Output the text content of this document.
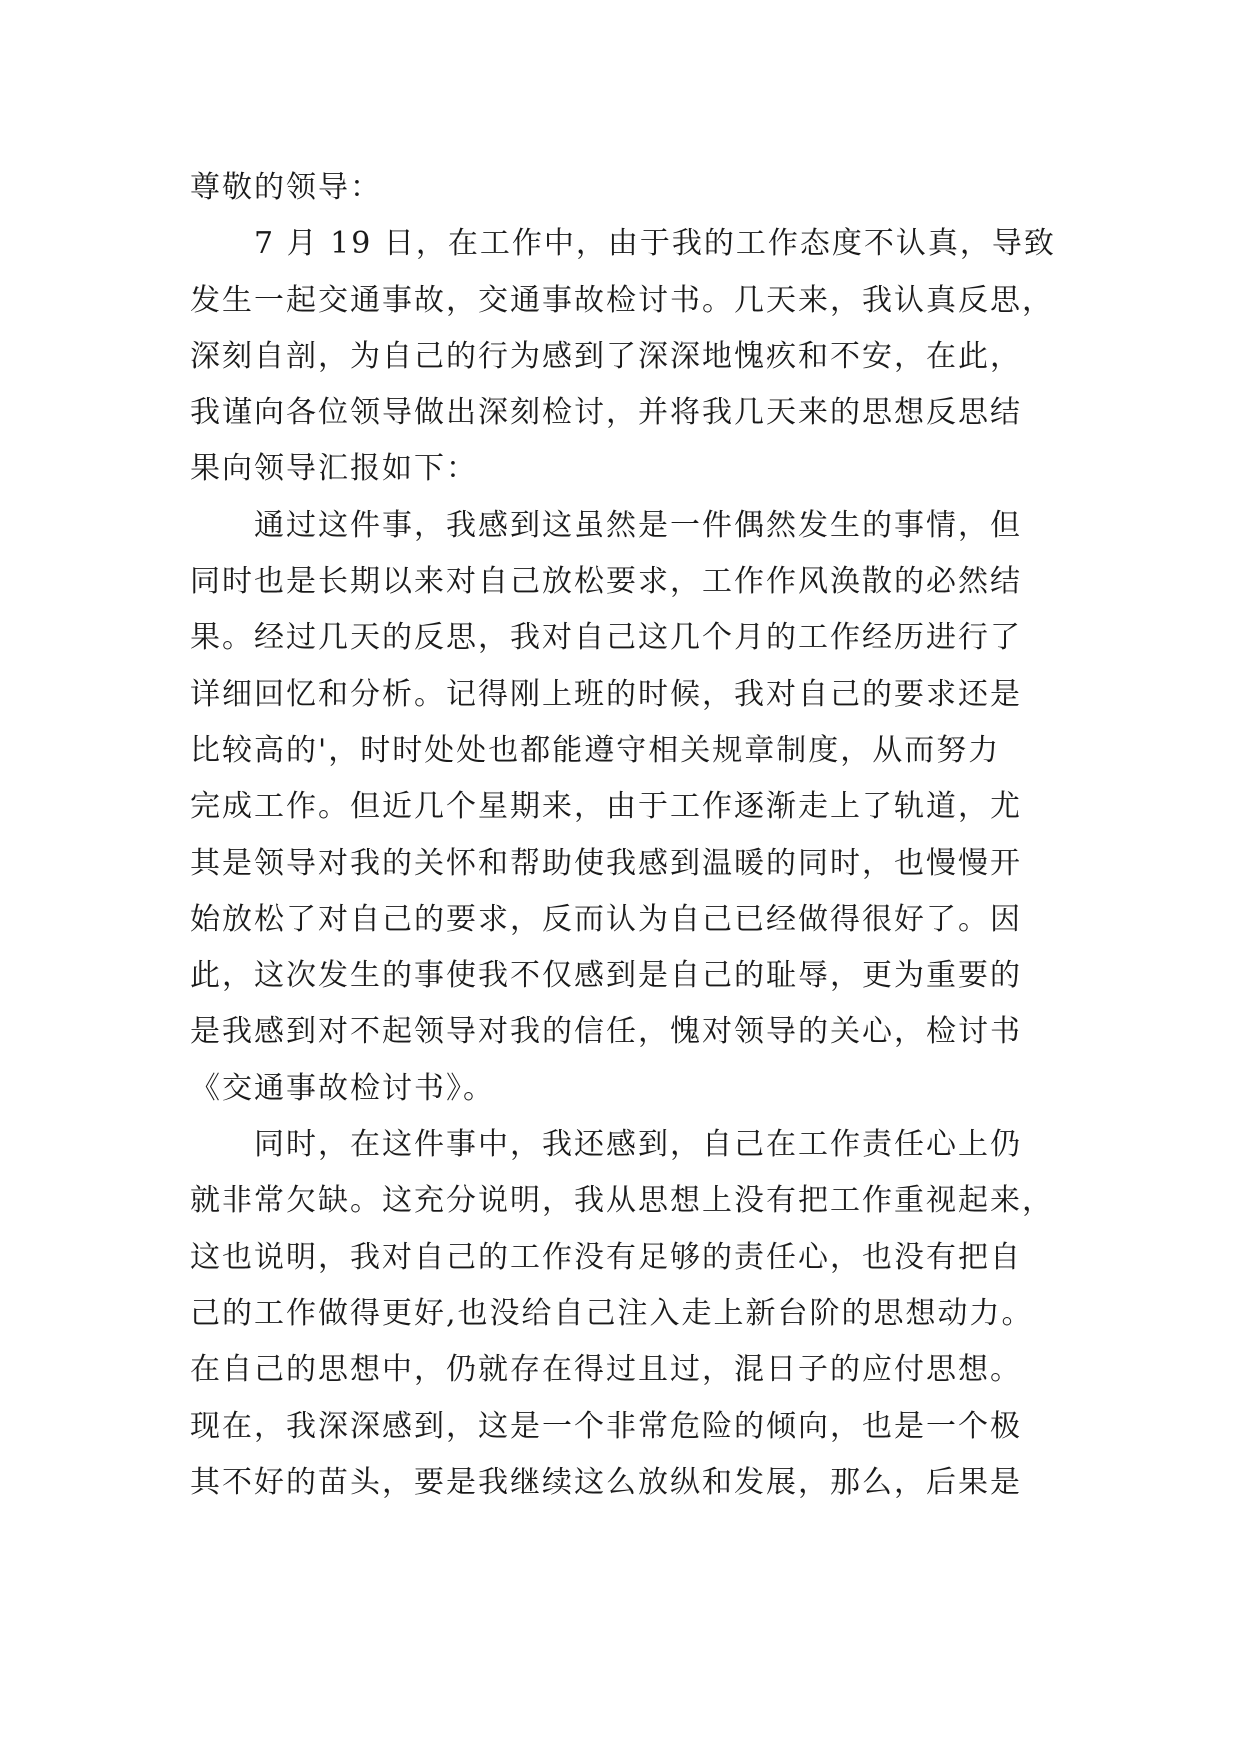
尊敬的领导：
7 月 19 日，在工作中，由于我的工作态度不认真，导致
发生一起交通事故，交通事故检讨书。几天来，我认真反思，
深刻自剖，为自己的行为感到了深深地愧疚和不安，在此，
我谨向各位领导做出深刻检讨，并将我几天来的思想反思结
果向领导汇报如下：
通过这件事，我感到这虽然是一件偶然发生的事情，但
同时也是长期以来对自己放松要求，工作作风涣散的必然结
果。经过几天的反思，我对自己这几个月的工作经历进行了
详细回忆和分析。记得刚上班的时候，我对自己的要求还是
比较高的'，时时处处也都能遵守相关规章制度，从而努力
完成工作。但近几个星期来，由于工作逐渐走上了轨道，尤
其是领导对我的关怀和帮助使我感到温暖的同时，也慢慢开
始放松了对自己的要求，反而认为自己已经做得很好了。因
此，这次发生的事使我不仅感到是自己的耻辱，更为重要的
是我感到对不起领导对我的信任，愧对领导的关心，检讨书
《交通事故检讨书》。
同时，在这件事中，我还感到，自己在工作责任心上仍
就非常欠缺。这充分说明，我从思想上没有把工作重视起来，
这也说明，我对自己的工作没有足够的责任心，也没有把自
己的工作做得更好,也没给自己注入走上新台阶的思想动力。
在自己的思想中，仍就存在得过且过，混日子的应付思想。
现在，我深深感到，这是一个非常危险的倾向，也是一个极
其不好的苗头，要是我继续这么放纵和发展，那么，后果是
